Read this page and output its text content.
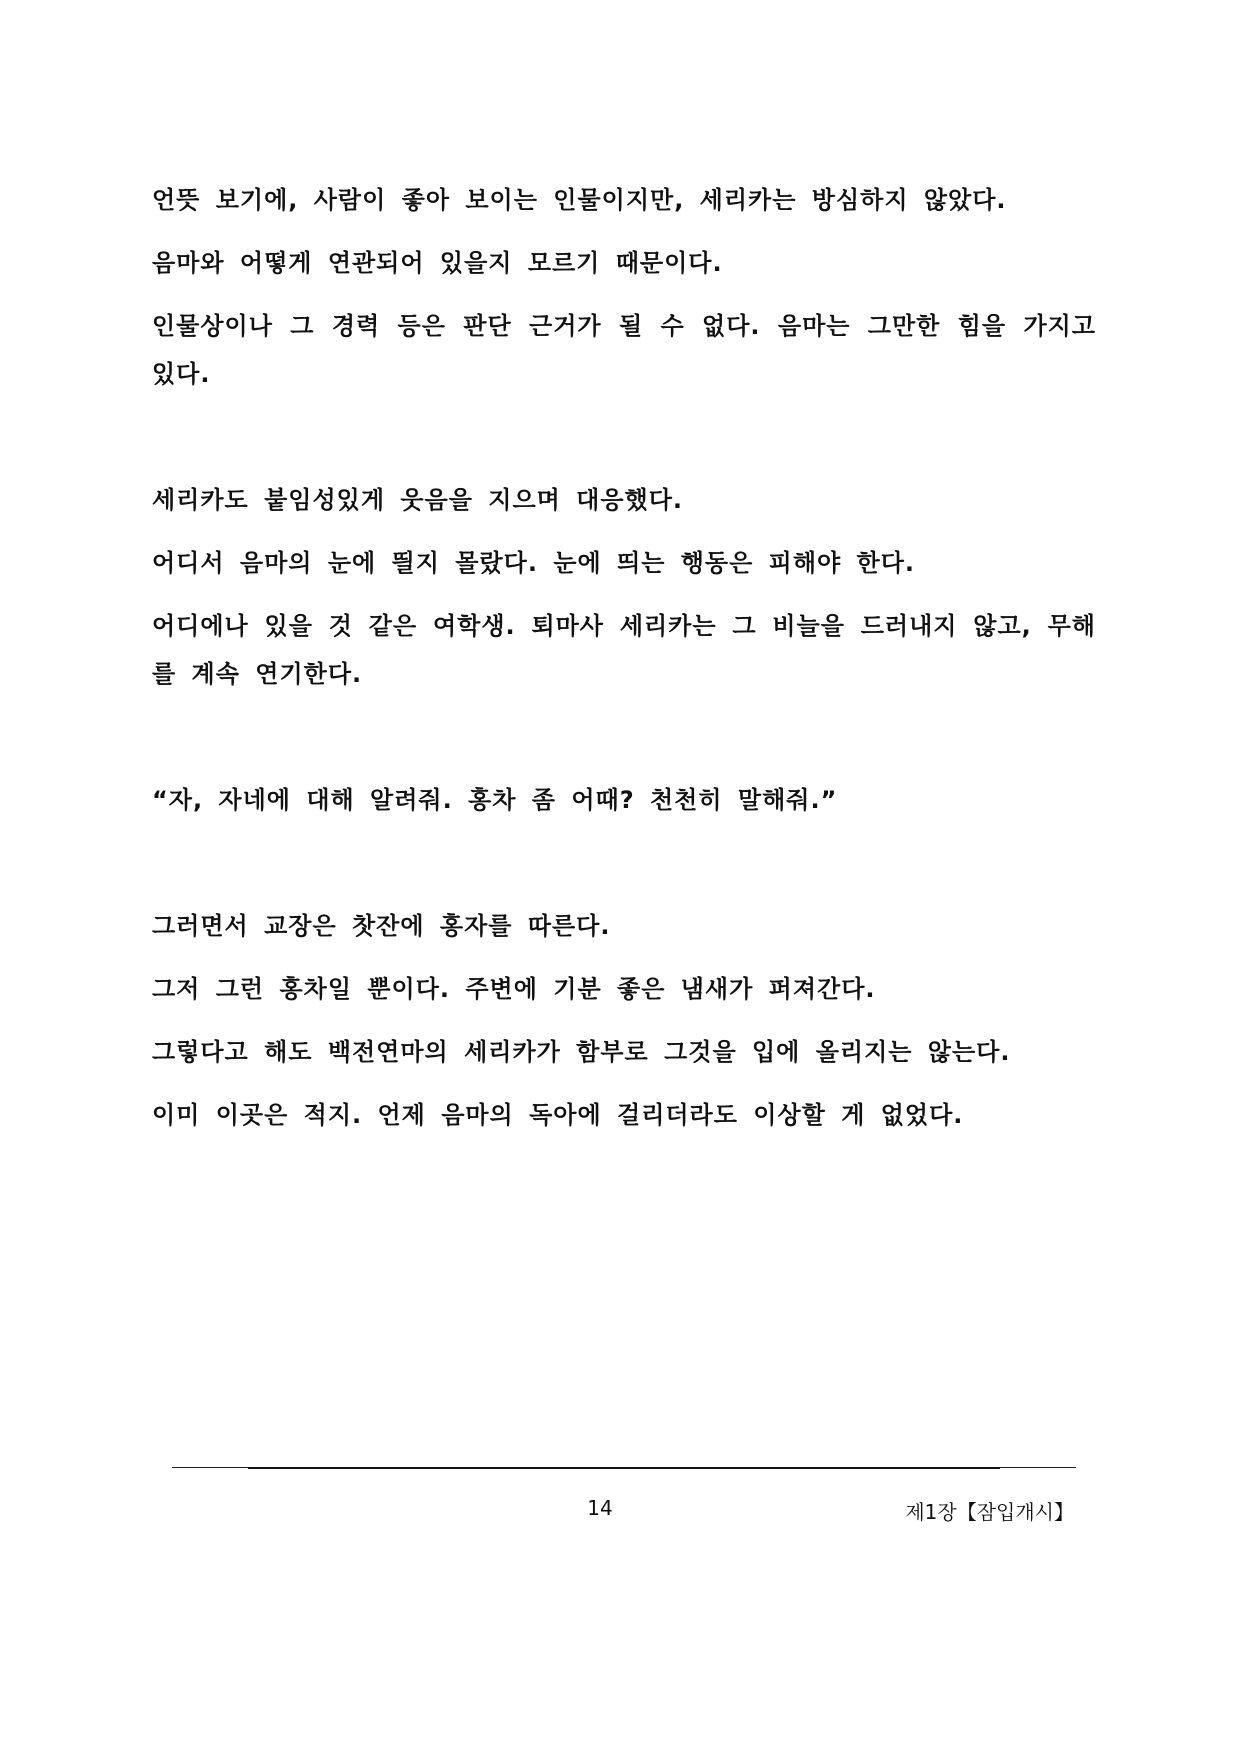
언뜻 보기에, 사람이 좋아 보이는 인물이지만, 세리카는 방심하지 않았다.

음마와 어떻게 연관되어 있을지 모르기 때문이다.

인물상이나 그 경력 등은 판단 근거가 될 수 없다. 음마는 그만한 힘을 가지고 있다.

세리카도 붙임성있게 웃음을 지으며 대응했다.

어디서 음마의 눈에 띌지 몰랐다. 눈에 띄는 행동은 피해야 한다.

어디에나 있을 것 같은 여학생. 퇴마사 세리카는 그 비늘을 드러내지 않고, 무해를 계속 연기한다.

“자, 자네에 대해 알려줘. 홍차 좀 어때? 천천히 말해줘.”

그러면서 교장은 찻잔에 홍자를 따른다.

그저 그런 홍차일 뿐이다. 주변에 기분 좋은 냄새가 퍼져간다.

그렇다고 해도 백전연마의 세리카가 함부로 그것을 입에 올리지는 않는다.

이미 이곳은 적지. 언제 음마의 독아에 걸리더라도 이상할 게 없었다.

14	제1장【잠입개시】
